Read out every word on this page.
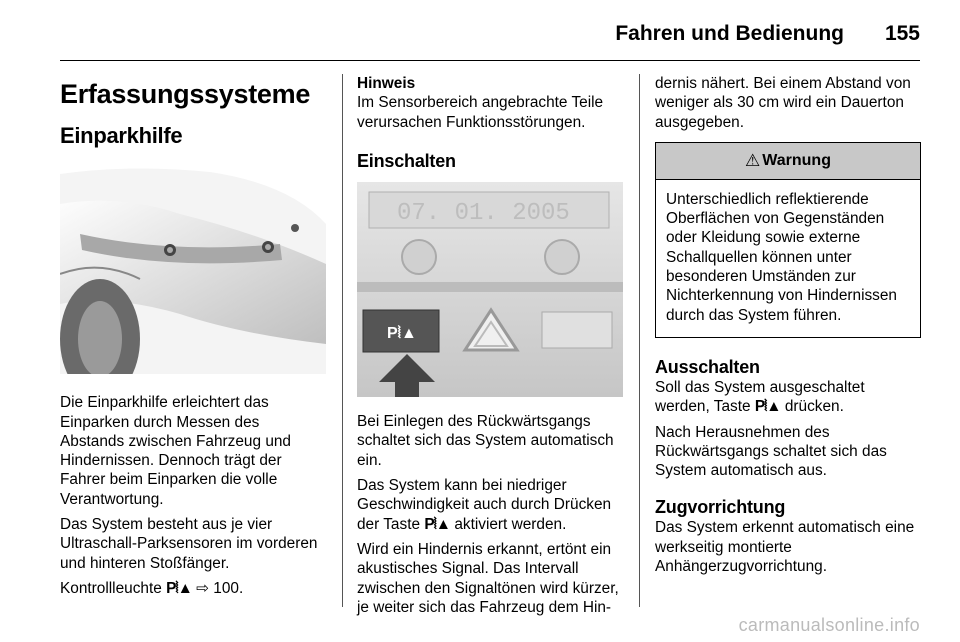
Fahren und Bedienung 155
Erfassungssysteme
Einparkhilfe

Die Einparkhilfe erleichtert das Einparken durch Messen des Abstands zwischen Fahrzeug und Hindernissen. Dennoch trägt der Fahrer beim Einparken die volle Verantwortung.

Das System besteht aus je vier Ultraschall-Parksensoren im vorderen und hinteren Stoßfänger.

Kontrollleuchte P⦚▲ ⇨ 100.

Hinweis

Im Sensorbereich angebrachte Teile verursachen Funktionsstörungen.

Einschalten
07. 01. 2005
P⦚▲

Bei Einlegen des Rückwärtsgangs schaltet sich das System automatisch ein.

Das System kann bei niedriger Geschwindigkeit auch durch Drücken der Taste P⦚▲ aktiviert werden.

Wird ein Hindernis erkannt, ertönt ein akustisches Signal. Das Intervall zwischen den Signaltönen wird kürzer, je weiter sich das Fahrzeug dem Hin-

dernis nähert. Bei einem Abstand von weniger als 30 cm wird ein Dauerton ausgegeben.

⚠ Warnung
Unterschiedlich reflektierende Oberflächen von Gegenständen oder Kleidung sowie externe Schallquellen können unter besonderen Umständen zur Nichterkennung von Hindernissen durch das System führen.
Ausschalten

Soll das System ausgeschaltet werden, Taste P⦚▲ drücken.

Nach Herausnehmen des Rückwärtsgangs schaltet sich das System automatisch aus.

Zugvorrichtung

Das System erkennt automatisch eine werkseitig montierte Anhängerzugvorrichtung.

carmanualsonline.info
